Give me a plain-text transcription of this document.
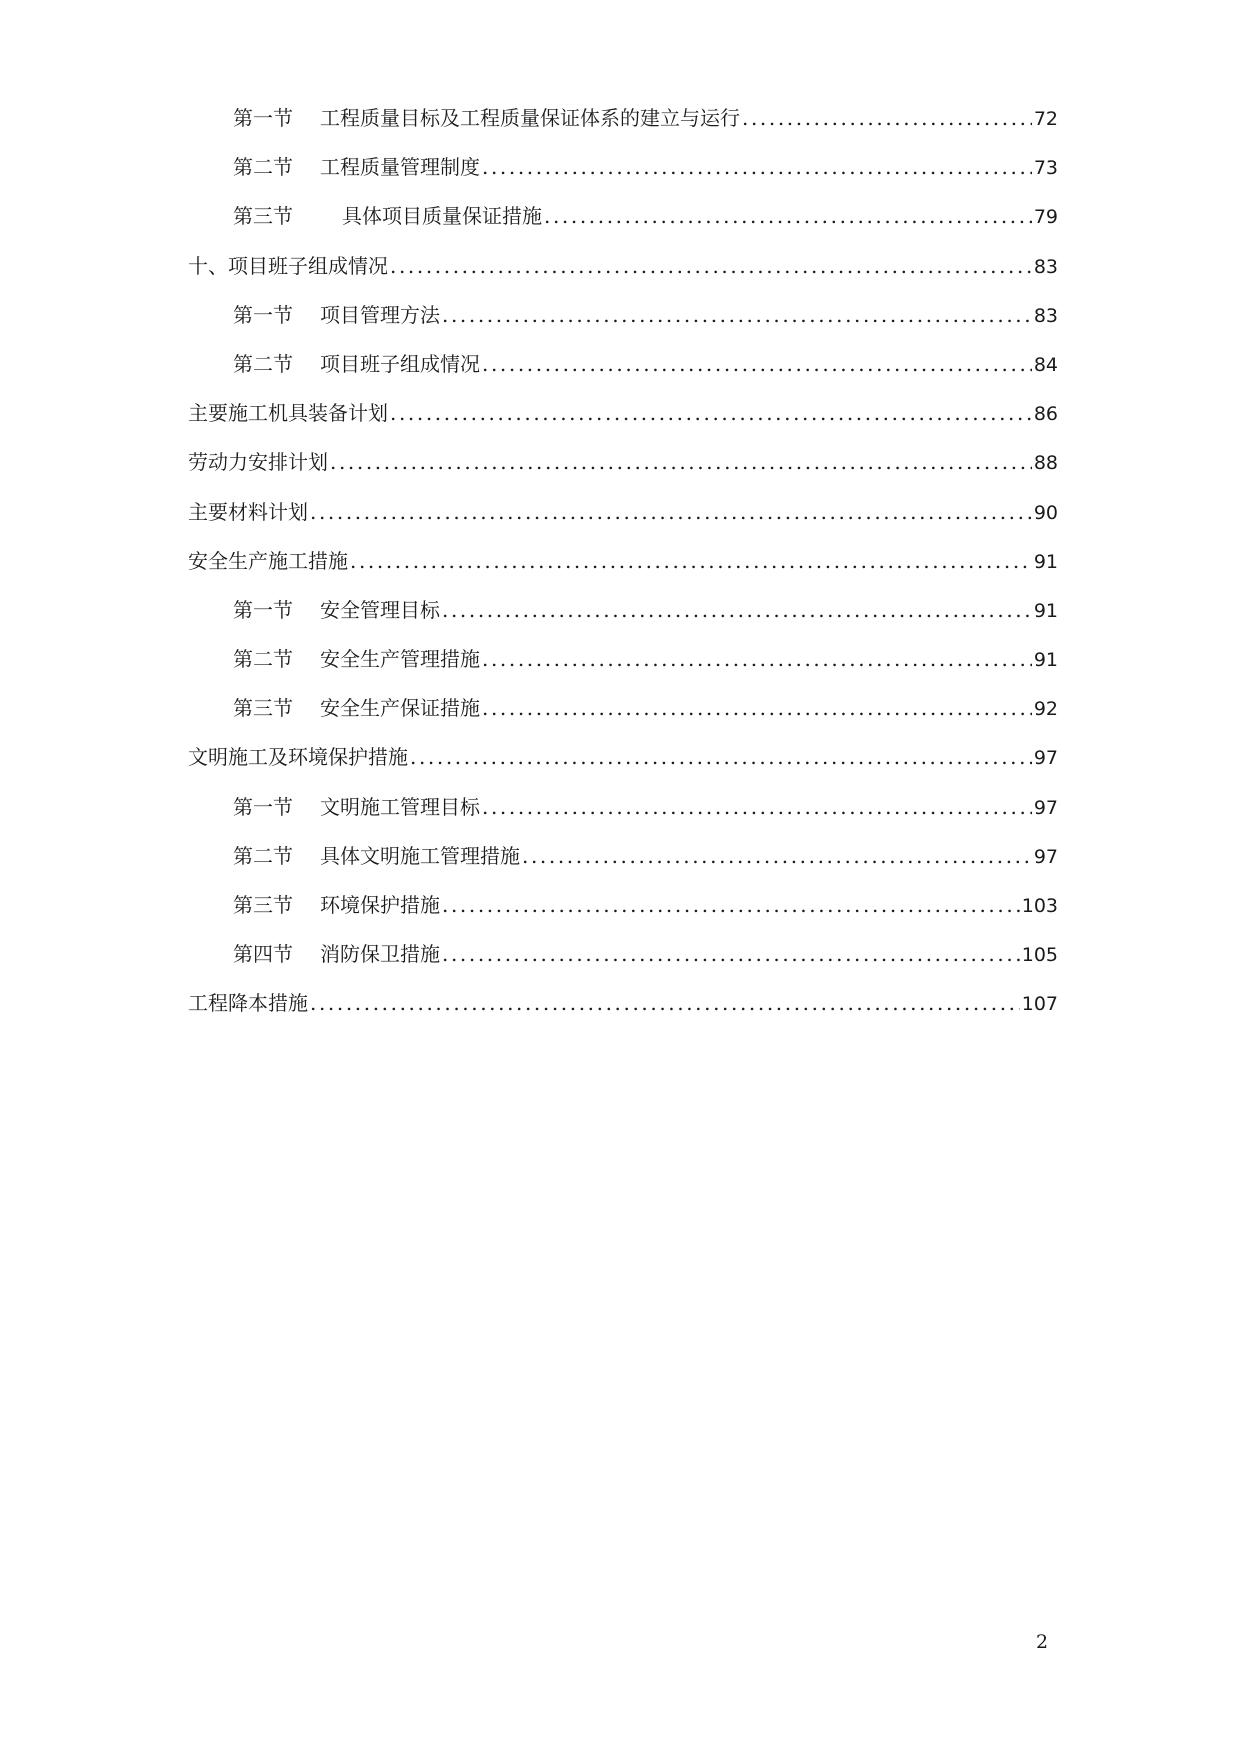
第一节	工程质量目标及工程质量保证体系的建立与运行 .....	72
第二节	工程质量管理制度 .....	73
第三节	具体项目质量保证措施 .....	79
十、项目班子组成情况 .....	83
第一节	项目管理方法 .....	83
第二节	项目班子组成情况 .....	84
主要施工机具装备计划 .....	86
劳动力安排计划 .....	88
主要材料计划 .....	90
安全生产施工措施 .....	91
第一节	安全管理目标 .....	91
第二节	安全生产管理措施 .....	91
第三节	安全生产保证措施 .....	92
文明施工及环境保护措施 .....	97
第一节	文明施工管理目标 .....	97
第二节	具体文明施工管理措施 .....	97
第三节	环境保护措施 .....	103
第四节	消防保卫措施 .....	105
工程降本措施 .....	107
2
